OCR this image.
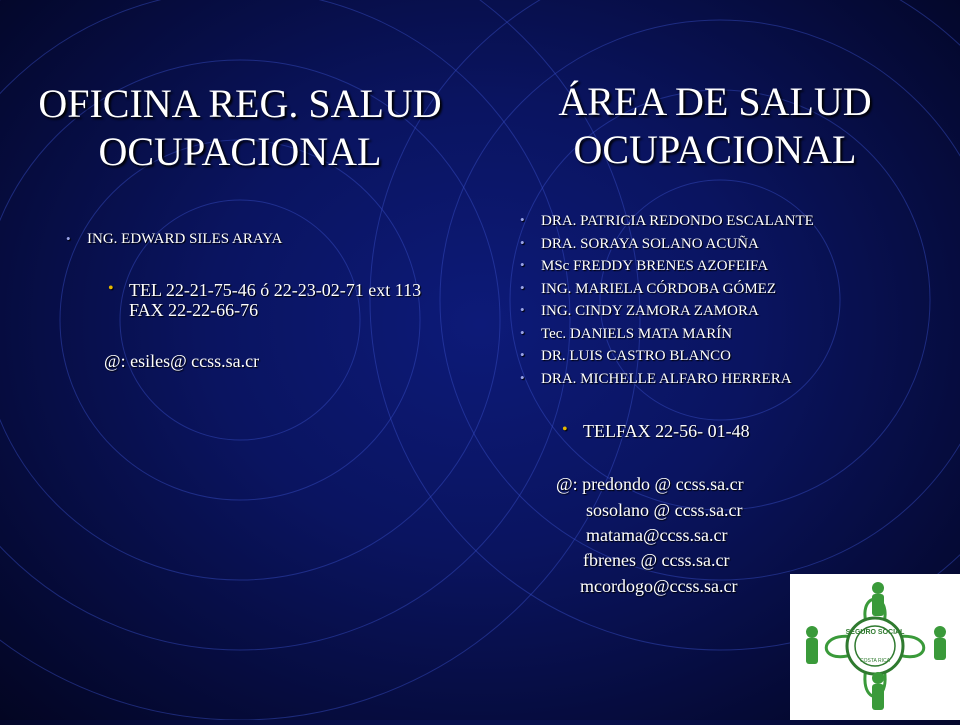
OFICINA REG. SALUD
OCUPACIONAL
ÁREA DE SALUD
OCUPACIONAL
• ING. EDWARD SILES ARAYA
• TEL 22-21-75-46 ó 22-23-02-71 ext 113 FAX 22-22-66-76
@: esiles@ ccss.sa.cr
• DRA. PATRICIA REDONDO ESCALANTE
• DRA. SORAYA SOLANO ACUÑA
• MSc FREDDY BRENES AZOFEIFA
• ING. MARIELA CÓRDOBA GÓMEZ
• ING. CINDY ZAMORA ZAMORA
• Tec. DANIELS MATA MARÍN
• DR. LUIS CASTRO BLANCO
• DRA. MICHELLE ALFARO HERRERA
• TELFAX 22-56- 01-48
@: predondo @ ccss.sa.cr
sosolano @ ccss.sa.cr
matama@ccss.sa.cr
fbrenes @ ccss.sa.cr
mcordogo@ccss.sa.cr
SEGURO SOCIAL
COSTA RICA
